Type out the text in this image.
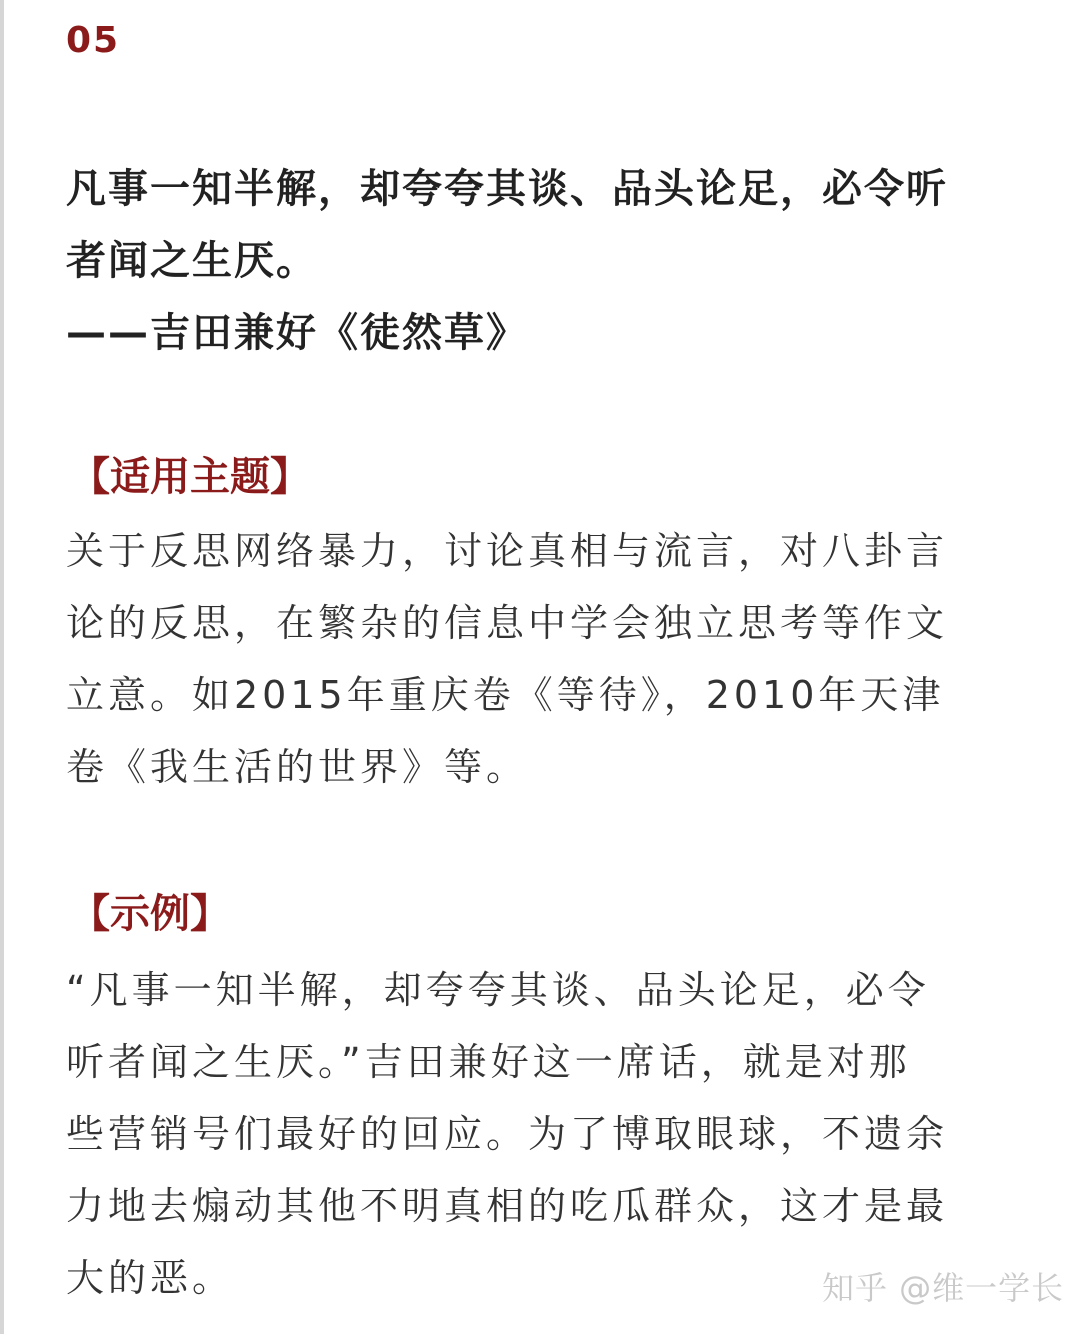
05
凡事一知半解，却夸夸其谈、品头论足，必令听
者闻之生厌。
——吉田兼好《徒然草》
【适用主题】
关于反思网络暴力，讨论真相与流言，对八卦言
论的反思，在繁杂的信息中学会独立思考等作文
立意。如2015年重庆卷《等待》，2010年天津
卷《我生活的世界》等。
【示例】
“凡事一知半解，却夸夸其谈、品头论足，必令
听者闻之生厌。”吉田兼好这一席话，就是对那
些营销号们最好的回应。为了博取眼球，不遗余
力地去煽动其他不明真相的吃瓜群众，这才是最
大的恶。	知乎 @维一学长
